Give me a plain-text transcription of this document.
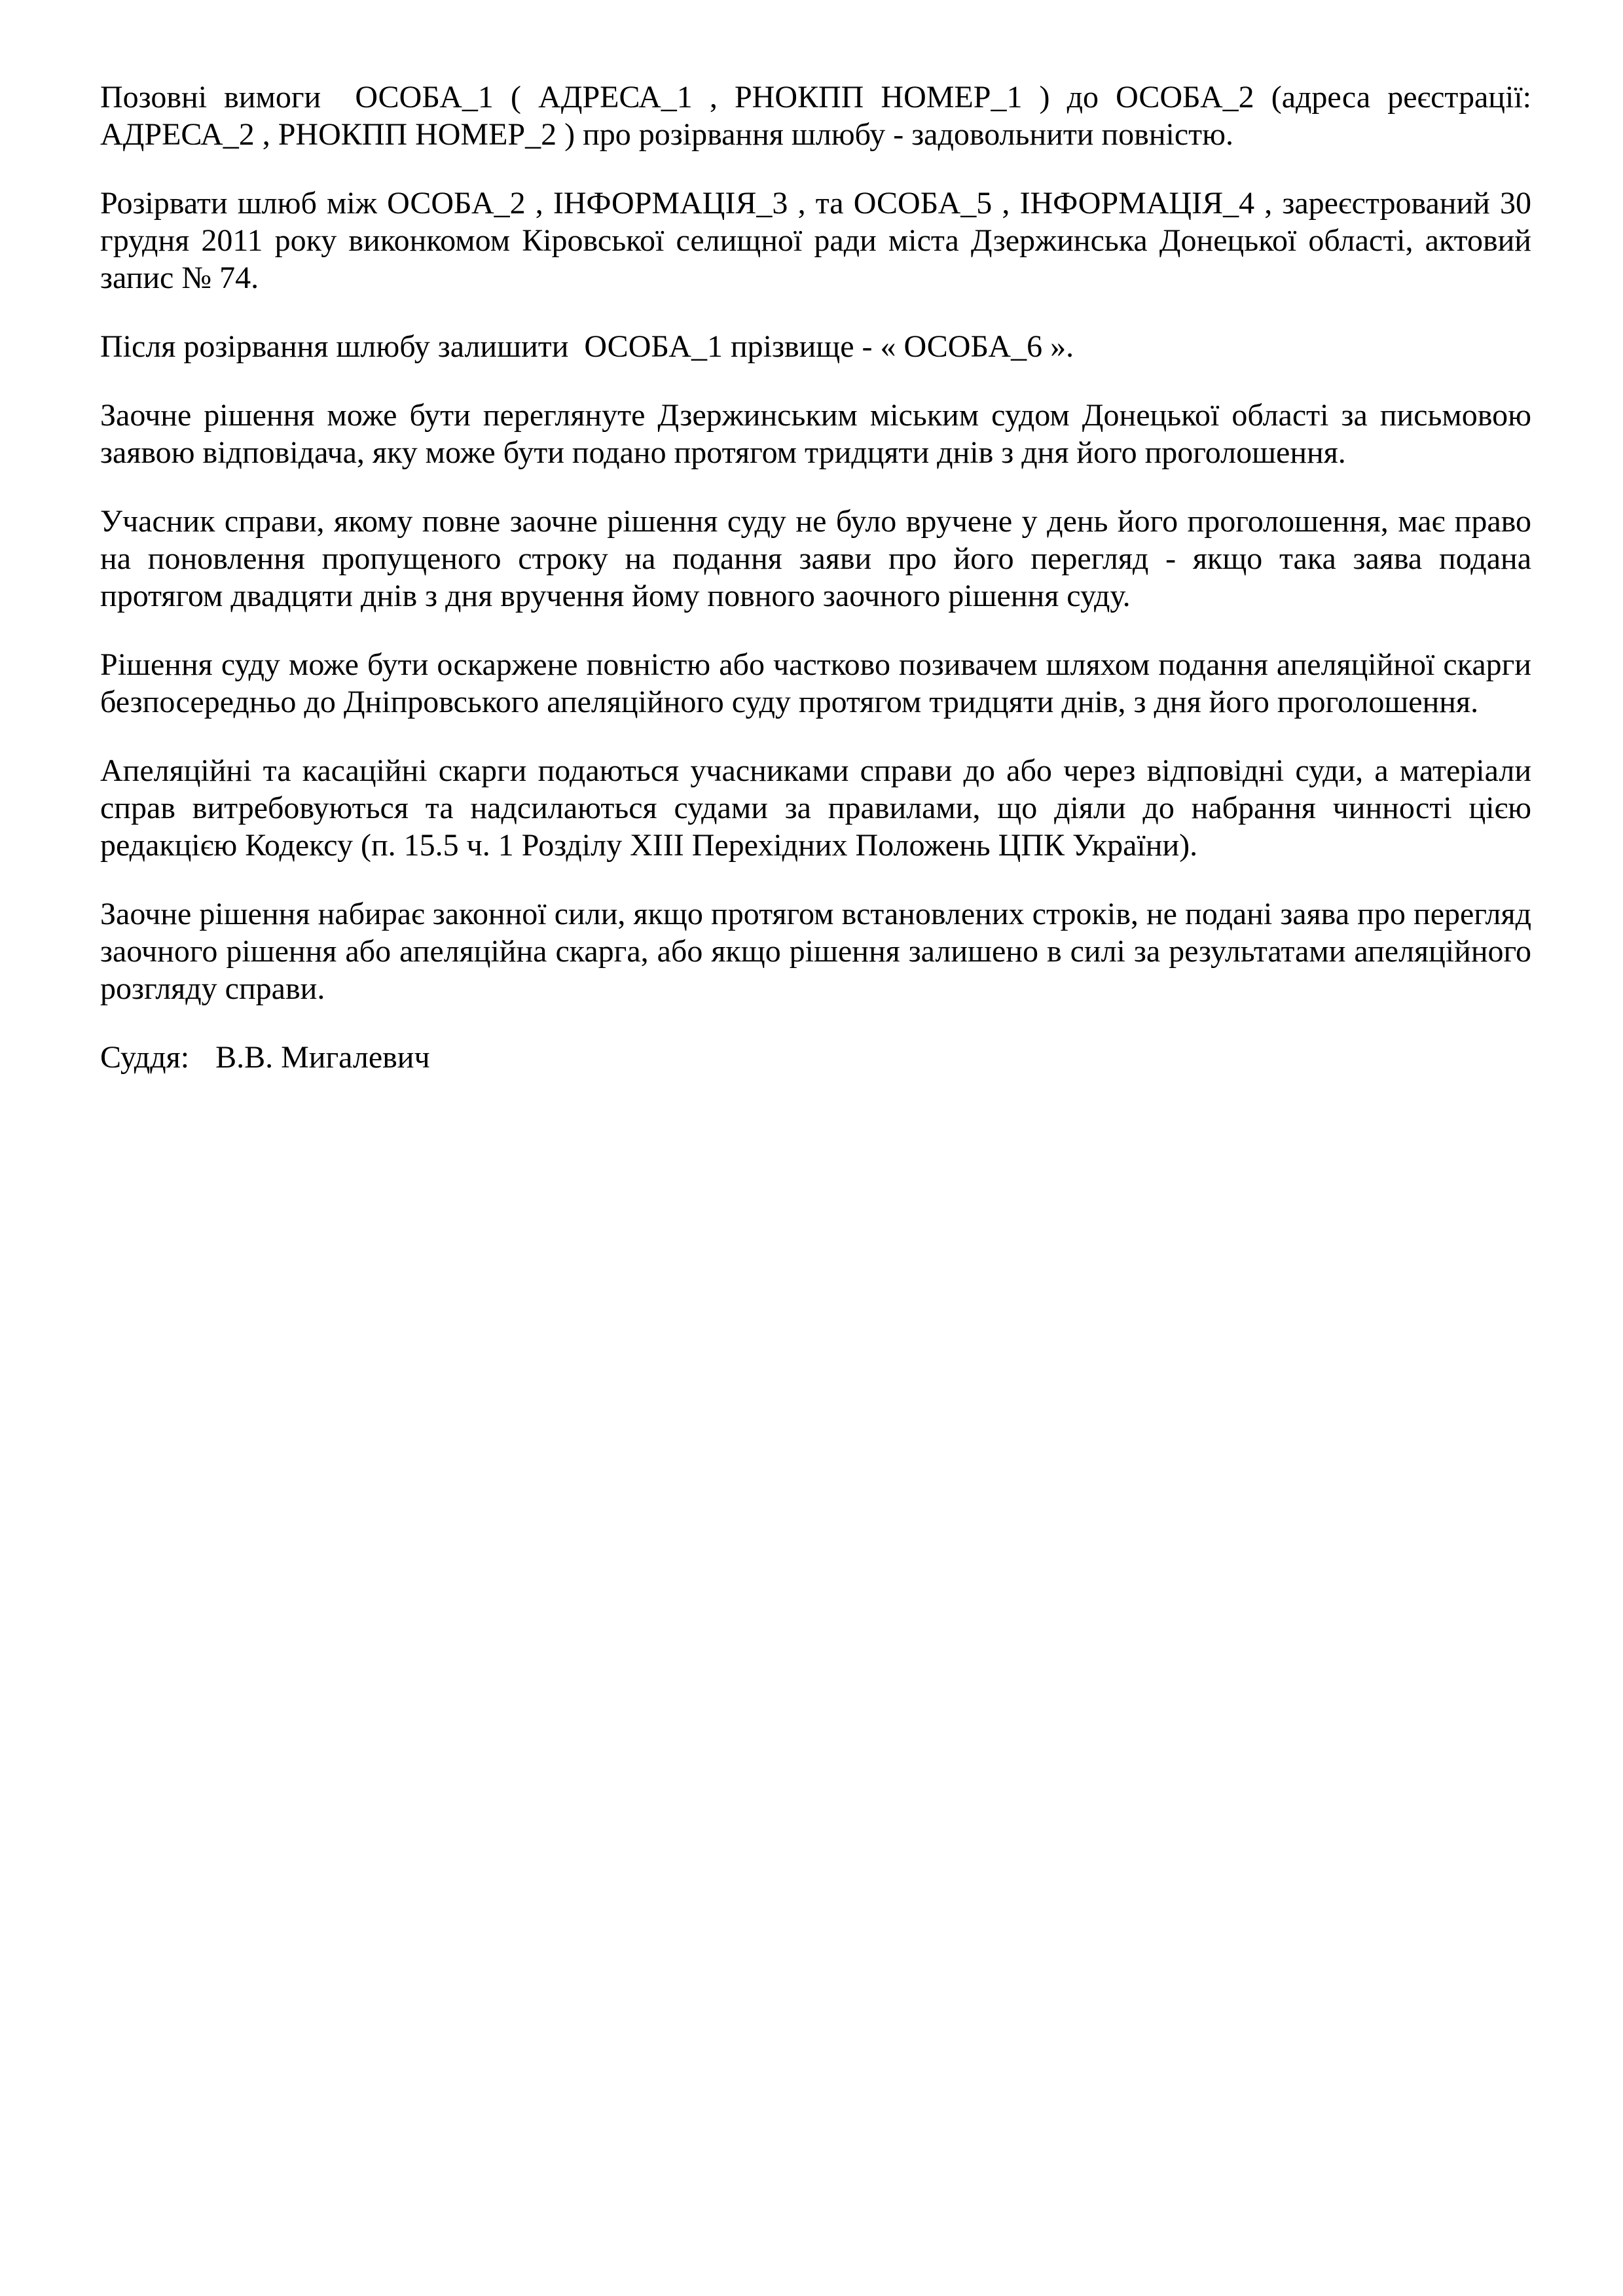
Позовні вимоги  ОСОБА_1 ( АДРЕСА_1 , РНОКПП НОМЕР_1 ) до ОСОБА_2 (адреса реєстрації: АДРЕСА_2 , РНОКПП НОМЕР_2 ) про розірвання шлюбу - задовольнити повністю.

Розірвати шлюб між ОСОБА_2 , ІНФОРМАЦІЯ_3 , та ОСОБА_5 , ІНФОРМАЦІЯ_4 , зареєстрований 30 грудня 2011 року виконкомом Кіровської селищної ради міста Дзержинська Донецької області, актовий запис № 74.

Після розірвання шлюбу залишити  ОСОБА_1 прізвище - « ОСОБА_6 ».

Заочне рішення може бути переглянуте Дзержинським міським судом Донецької області за письмовою заявою відповідача, яку може бути подано протягом тридцяти днів з дня його проголошення.

Учасник справи, якому повне заочне рішення суду не було вручене у день його проголошення, має право на поновлення пропущеного строку на подання заяви про його перегляд - якщо така заява подана протягом двадцяти днів з дня вручення йому повного заочного рішення суду.

Рішення суду може бути оскаржене повністю або частково позивачем шляхом подання апеляційної скарги безпосередньо до Дніпровського апеляційного суду протягом тридцяти днів, з дня його проголошення.

Апеляційні та касаційні скарги подаються учасниками справи до або через відповідні суди, а матеріали справ витребовуються та надсилаються судами за правилами, що діяли до набрання чинності цією редакцією Кодексу (п. 15.5 ч. 1 Розділу XIII Перехідних Положень ЦПК України).

Заочне рішення набирає законної сили, якщо протягом встановлених строків, не подані заява про перегляд заочного рішення або апеляційна скарга, або якщо рішення залишено в силі за результатами апеляційного розгляду справи.

Суддя: В.В. Мигалевич
